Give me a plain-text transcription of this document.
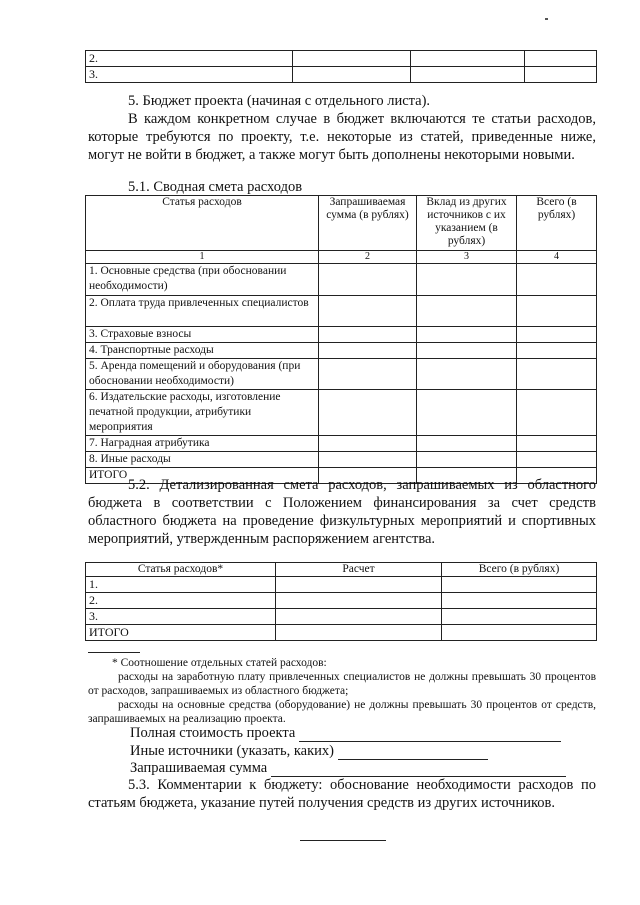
2.			
3.			
5. Бюджет проекта (начиная с отдельного листа).
В каждом конкретном случае в бюджет включаются те статьи расходов, которые требуются по проекту, т.е. некоторые из статей, приведенные ниже, могут не войти в бюджет, а также могут быть дополнены некоторыми новыми.
5.1. Сводная смета расходов
Статья расходов	Запрашиваемая сумма (в рублях)	Вклад из других источников с их указанием (в рублях)	Всего (в рублях)
1	2	3	4
1. Основные средства (при обосновании необходимости)			
2. Оплата труда привлеченных специалистов			
3. Страховые взносы			
4. Транспортные расходы			
5. Аренда помещений и оборудования (при обосновании необходимости)			
6. Издательские расходы, изготовление печатной продукции, атрибутики мероприятия			
7. Наградная атрибутика			
8. Иные расходы			
ИТОГО			
5.2. Детализированная смета расходов, запрашиваемых из областного бюджета в соответствии с Положением финансирования за счет средств областного бюджета на проведение физкультурных мероприятий и спортивных мероприятий, утвержденным распоряжением агентства.
Статья расходов*	Расчет	Всего (в рублях)
1.		
2.		
3.		
ИТОГО		
* Соотношение отдельных статей расходов:
расходы на заработную плату привлеченных специалистов не должны превышать 30 процентов от расходов, запрашиваемых из областного бюджета;
расходы на основные средства (оборудование) не должны превышать 30 процентов от средств, запрашиваемых на реализацию проекта.
Полная стоимость проекта
Иные источники (указать, каких)
Запрашиваемая сумма
5.3. Комментарии к бюджету: обоснование необходимости расходов по статьям бюджета, указание путей получения средств из других источников.
